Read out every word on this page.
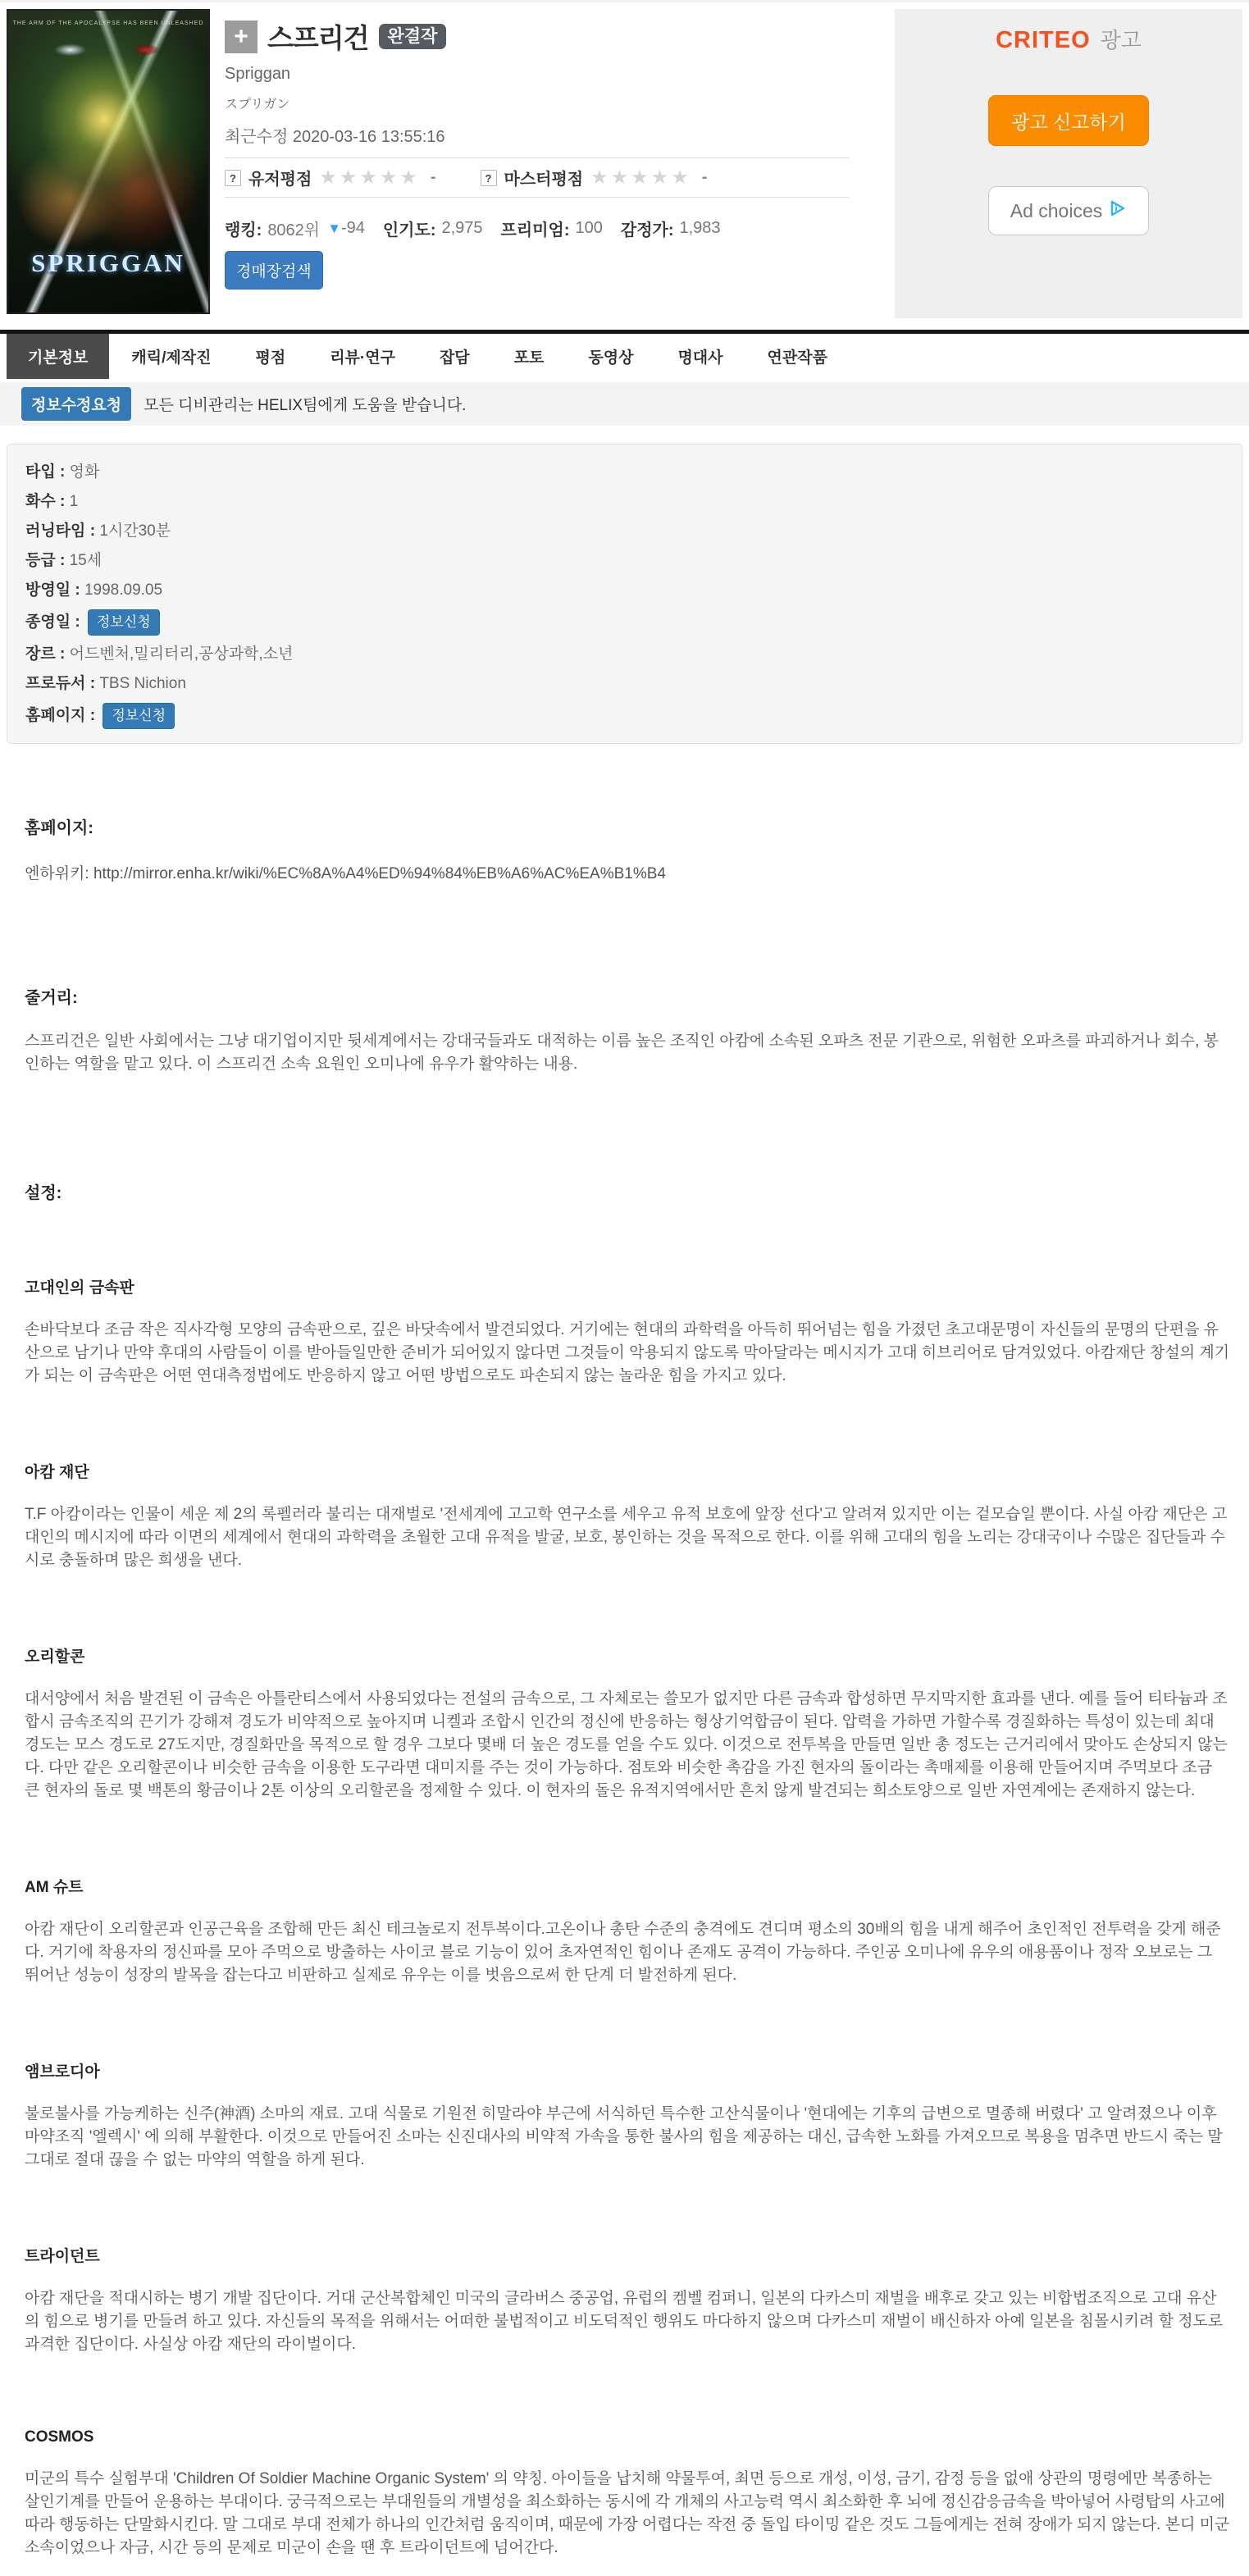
THE ARM OF THE APOCALYPSE HAS BEEN UNLEASHED
SPRIGGAN
+ 스프리건	완결작
Spriggan
スプリガン
최근수정 2020-03-16 13:55:16
? 유저평점 ★★★★★ -	? 마스터평점 ★★★★★ -
랭킹: 8062위 ▼ -94 인기도: 2,975 프리미엄: 100 감정가: 1,983
경매장검색
CRITEO 광고
광고 신고하기
Ad choices
기본정보	캐릭/제작진	평점	리뷰·연구	잡담	포토	동영상	명대사	연관작품
정보수정요청	모든 디비관리는 HELIX팀에게 도움을 받습니다.
타입 : 영화
화수 : 1
러닝타임 : 1시간30분
등급 : 15세
방영일 : 1998.09.05
종영일 : 정보신청
장르 : 어드벤처,밀리터리,공상과학,소년
프로듀서 : TBS Nichion
홈페이지 : 정보신청
홈페이지:
엔하위키: http://mirror.enha.kr/wiki/%EC%8A%A4%ED%94%84%EB%A6%AC%EA%B1%B4
줄거리:
스프리건은 일반 사회에서는 그냥 대기업이지만 뒷세계에서는 강대국들과도 대적하는 이름 높은 조직인 아캄에 소속된 오파츠 전문 기관으로, 위험한 오파츠를 파괴하거나 회수, 봉인하는 역할을 맡고 있다. 이 스프리건 소속 요원인 오미나에 유우가 활약하는 내용.
설정:
고대인의 금속판
손바닥보다 조금 작은 직사각형 모양의 금속판으로, 깊은 바닷속에서 발견되었다. 거기에는 현대의 과학력을 아득히 뛰어넘는 힘을 가졌던 초고대문명이 자신들의 문명의 단편을 유산으로 남기나 만약 후대의 사람들이 이를 받아들일만한 준비가 되어있지 않다면 그것들이 악용되지 않도록 막아달라는 메시지가 고대 히브리어로 담겨있었다. 아캄재단 창설의 계기가 되는 이 금속판은 어떤 연대측정법에도 반응하지 않고 어떤 방법으로도 파손되지 않는 놀라운 힘을 가지고 있다.
아캄 재단
T.F 아캄이라는 인물이 세운 제 2의 록펠러라 불리는 대재벌로 '전세계에 고고학 연구소를 세우고 유적 보호에 앞장 선다'고 알려져 있지만 이는 겉모습일 뿐이다. 사실 아캄 재단은 고대인의 메시지에 따라 이면의 세계에서 현대의 과학력을 초월한 고대 유적을 발굴, 보호, 봉인하는 것을 목적으로 한다. 이를 위해 고대의 힘을 노리는 강대국이나 수많은 집단들과 수시로 충돌하며 많은 희생을 낸다.
오리할콘
대서양에서 처음 발견된 이 금속은 아틀란티스에서 사용되었다는 전설의 금속으로, 그 자체로는 쓸모가 없지만 다른 금속과 합성하면 무지막지한 효과를 낸다. 예를 들어 티타늄과 조합시 금속조직의 끈기가 강해져 경도가 비약적으로 높아지며 니켈과 조합시 인간의 정신에 반응하는 형상기억합금이 된다. 압력을 가하면 가할수록 경질화하는 특성이 있는데 최대 경도는 모스 경도로 27도지만, 경질화만을 목적으로 할 경우 그보다 몇배 더 높은 경도를 얻을 수도 있다. 이것으로 전투복을 만들면 일반 총 정도는 근거리에서 맞아도 손상되지 않는다. 다만 같은 오리할콘이나 비슷한 금속을 이용한 도구라면 대미지를 주는 것이 가능하다. 점토와 비슷한 촉감을 가진 현자의 돌이라는 촉매제를 이용해 만들어지며 주먹보다 조금 큰 현자의 돌로 몇 백톤의 황금이나 2톤 이상의 오리할콘을 정제할 수 있다. 이 현자의 돌은 유적지역에서만 흔치 않게 발견되는 희소토양으로 일반 자연계에는 존재하지 않는다.
AM 슈트
아캄 재단이 오리할콘과 인공근육을 조합해 만든 최신 테크놀로지 전투복이다.고온이나 총탄 수준의 충격에도 견디며 평소의 30배의 힘을 내게 해주어 초인적인 전투력을 갖게 해준다. 거기에 착용자의 정신파를 모아 주먹으로 방출하는 사이코 블로 기능이 있어 초자연적인 힘이나 존재도 공격이 가능하다. 주인공 오미나에 유우의 애용품이나 정작 오보로는 그 뛰어난 성능이 성장의 발목을 잡는다고 비판하고 실제로 유우는 이를 벗음으로써 한 단계 더 발전하게 된다.
앰브로디아
불로불사를 가능케하는 신주(神酒) 소마의 재료. 고대 식물로 기원전 히말라야 부근에 서식하던 특수한 고산식물이나 '현대에는 기후의 급변으로 멸종해 버렸다' 고 알려졌으나 이후 마약조직 '엘렉시' 에 의해 부활한다. 이것으로 만들어진 소마는 신진대사의 비약적 가속을 통한 불사의 힘을 제공하는 대신, 급속한 노화를 가져오므로 복용을 멈추면 반드시 죽는 말그대로 절대 끊을 수 없는 마약의 역할을 하게 된다.
트라이던트
아캄 재단을 적대시하는 병기 개발 집단이다. 거대 군산복합체인 미국의 글라버스 중공업, 유럽의 켐벨 컴퍼니, 일본의 다카스미 재벌을 배후로 갖고 있는 비합법조직으로 고대 유산의 힘으로 병기를 만들려 하고 있다. 자신들의 목적을 위해서는 어떠한 불법적이고 비도덕적인 행위도 마다하지 않으며 다카스미 재벌이 배신하자 아예 일본을 침몰시키려 할 정도로 과격한 집단이다. 사실상 아캄 재단의 라이벌이다.
COSMOS
미군의 특수 실험부대 'Children Of Soldier Machine Organic System' 의 약칭. 아이들을 납치해 약물투여, 최면 등으로 개성, 이성, 금기, 감정 등을 없애 상관의 명령에만 복종하는 살인기계를 만들어 운용하는 부대이다. 궁극적으로는 부대원들의 개별성을 최소화하는 동시에 각 개체의 사고능력 역시 최소화한 후 뇌에 정신감응금속을 박아넣어 사령탑의 사고에 따라 행동하는 단말화시킨다. 말 그대로 부대 전체가 하나의 인간처럼 움직이며, 때문에 가장 어렵다는 작전 중 돌입 타이밍 같은 것도 그들에게는 전혀 장애가 되지 않는다. 본디 미군 소속이었으나 자금, 시간 등의 문제로 미군이 손을 땐 후 트라이던트에 넘어간다.
